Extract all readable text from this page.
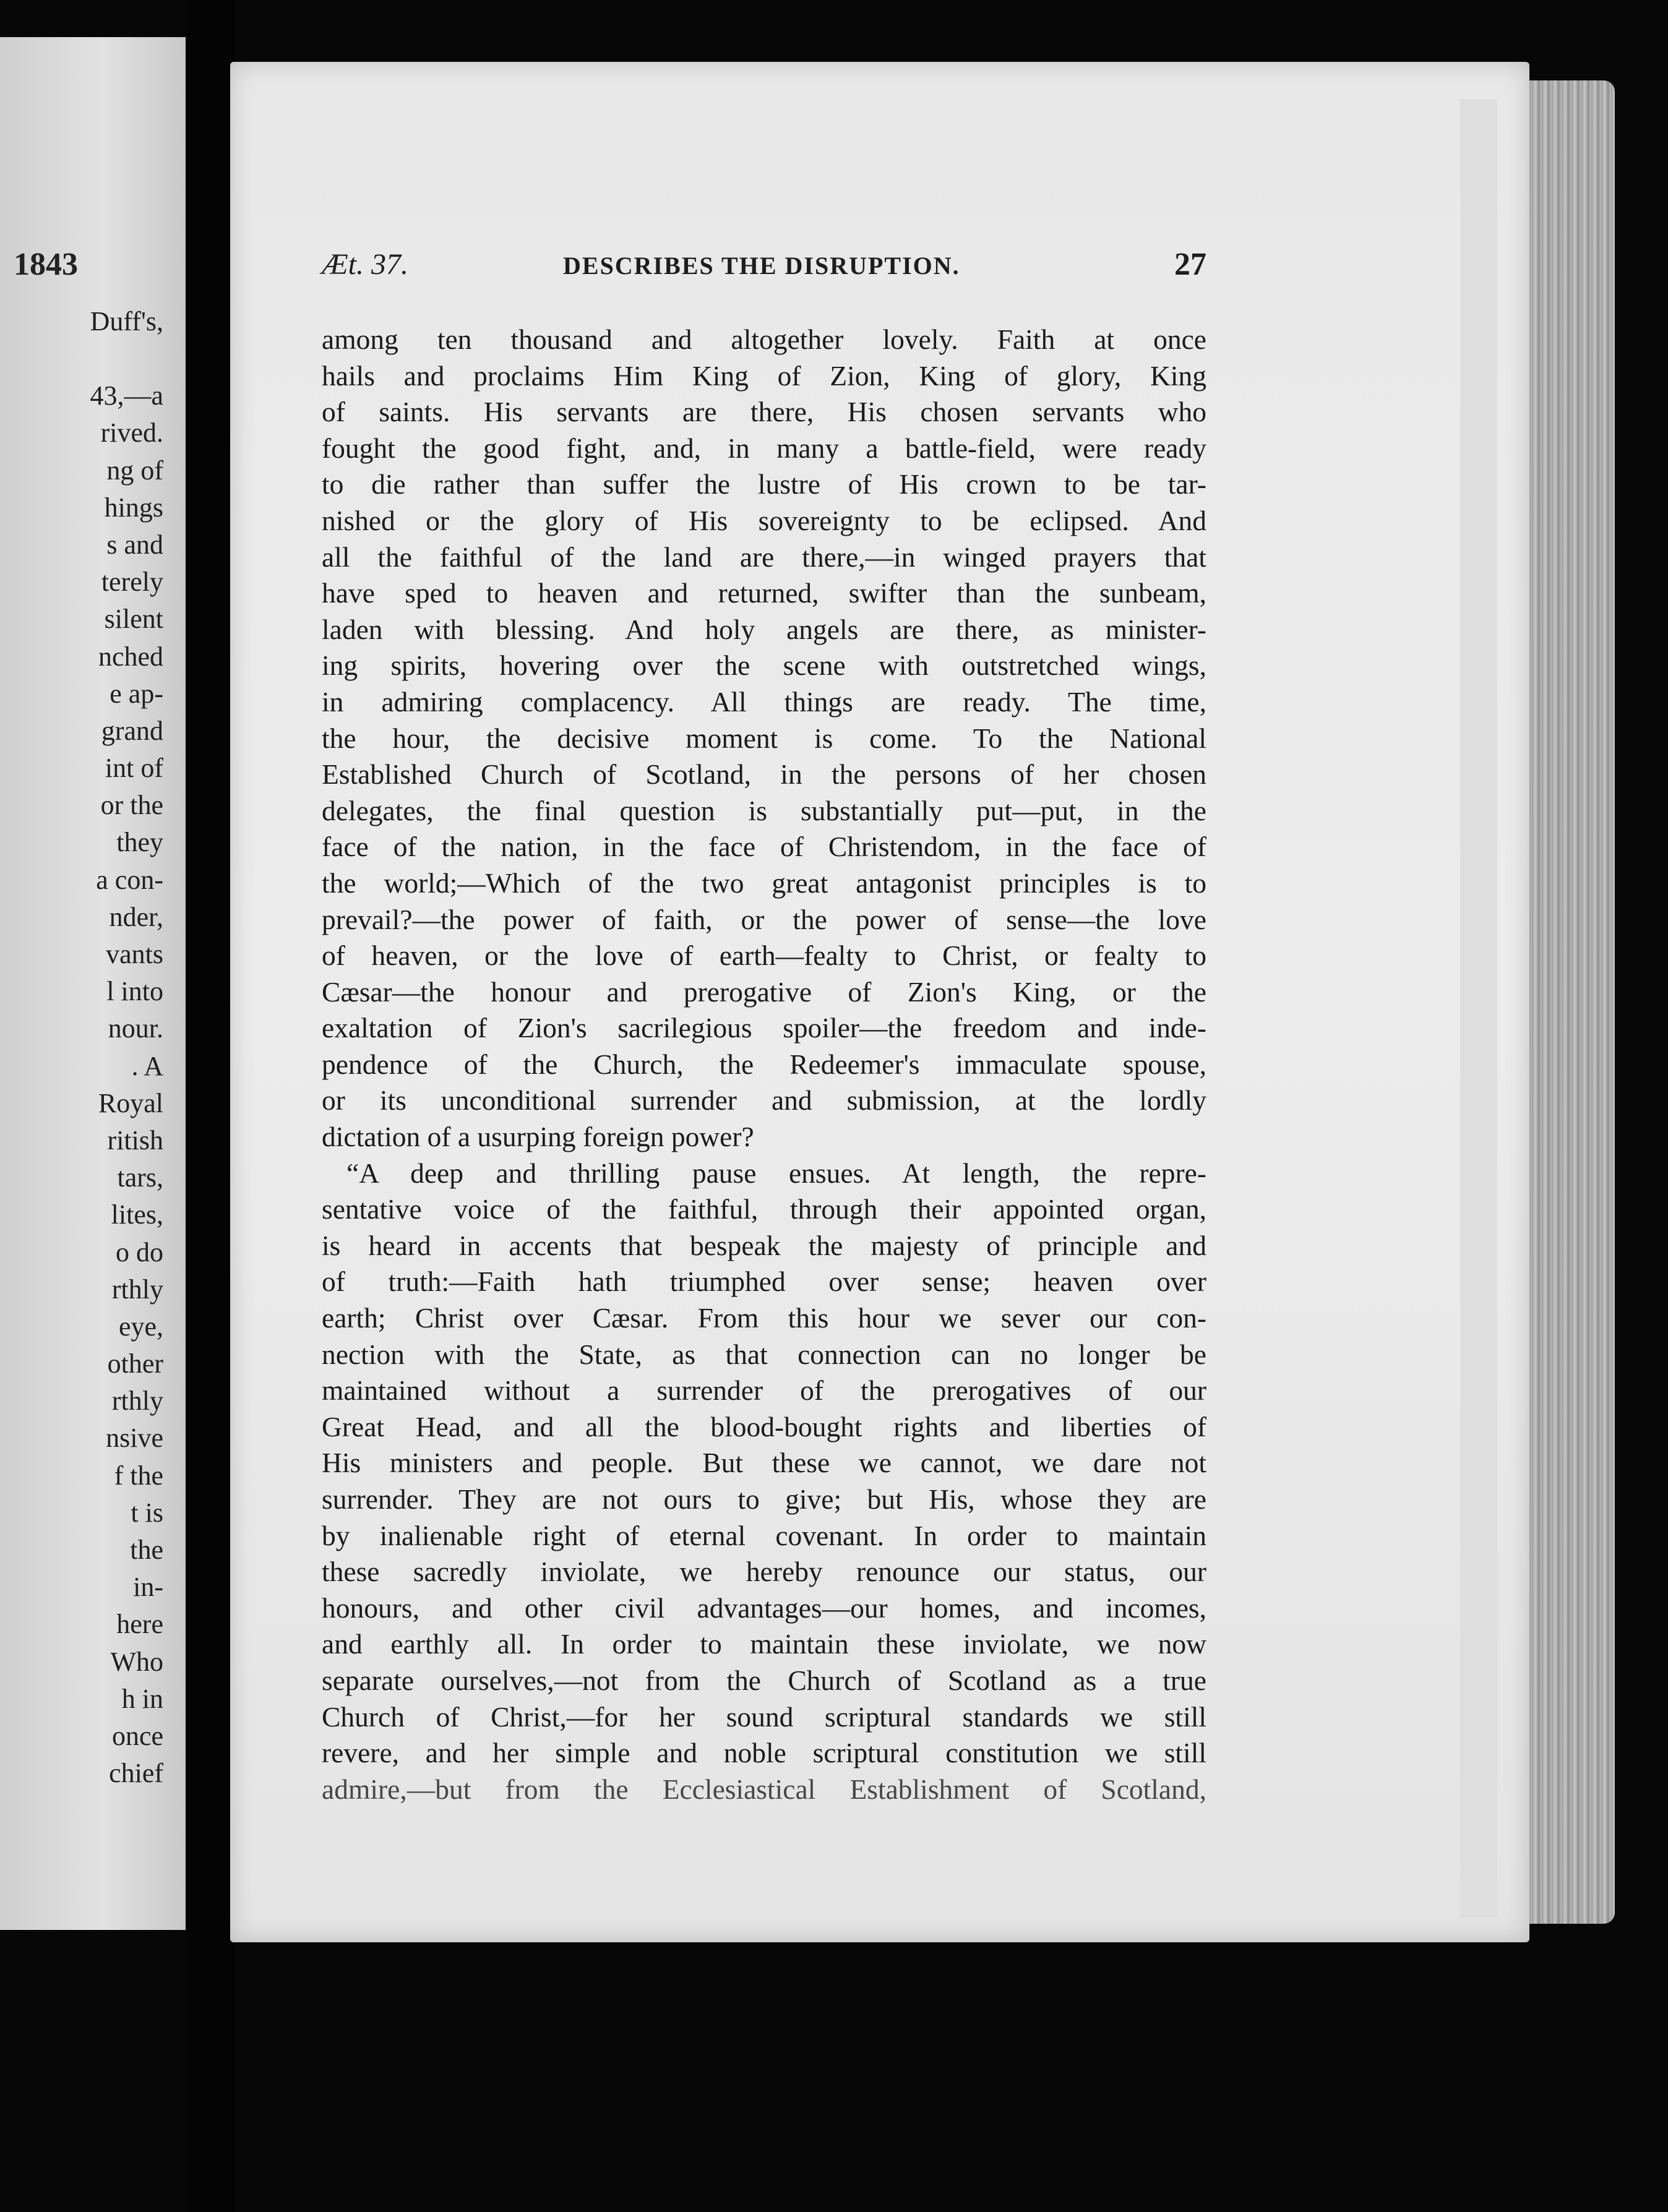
1843
Duff's,
43,—a
rived.
ng of
hings
s and
terely
silent
nched
e ap-
grand
int of
or the
they
a con-
nder,
vants
l into
nour.
. A
Royal
ritish
tars,
lites,
o do
rthly
eye,
other
rthly
nsive
f the
t is
the
in-
here
Who
h in
once
chief
Æt. 37.	DESCRIBES THE DISRUPTION.	27
among ten thousand and altogether lovely. Faith at once
hails and proclaims Him King of Zion, King of glory, King
of saints. His servants are there, His chosen servants who
fought the good fight, and, in many a battle-field, were ready
to die rather than suffer the lustre of His crown to be tar-
nished or the glory of His sovereignty to be eclipsed. And
all the faithful of the land are there,—in winged prayers that
have sped to heaven and returned, swifter than the sunbeam,
laden with blessing. And holy angels are there, as minister-
ing spirits, hovering over the scene with outstretched wings,
in admiring complacency. All things are ready. The time,
the hour, the decisive moment is come. To the National
Established Church of Scotland, in the persons of her chosen
delegates, the final question is substantially put—put, in the
face of the nation, in the face of Christendom, in the face of
the world;—Which of the two great antagonist principles is to
prevail?—the power of faith, or the power of sense—the love
of heaven, or the love of earth—fealty to Christ, or fealty to
Cæsar—the honour and prerogative of Zion's King, or the
exaltation of Zion's sacrilegious spoiler—the freedom and inde-
pendence of the Church, the Redeemer's immaculate spouse,
or its unconditional surrender and submission, at the lordly
dictation of a usurping foreign power?
“A deep and thrilling pause ensues. At length, the repre-
sentative voice of the faithful, through their appointed organ,
is heard in accents that bespeak the majesty of principle and
of truth:—Faith hath triumphed over sense; heaven over
earth; Christ over Cæsar. From this hour we sever our con-
nection with the State, as that connection can no longer be
maintained without a surrender of the prerogatives of our
Great Head, and all the blood-bought rights and liberties of
His ministers and people. But these we cannot, we dare not
surrender. They are not ours to give; but His, whose they are
by inalienable right of eternal covenant. In order to maintain
these sacredly inviolate, we hereby renounce our status, our
honours, and other civil advantages—our homes, and incomes,
and earthly all. In order to maintain these inviolate, we now
separate ourselves,—not from the Church of Scotland as a true
Church of Christ,—for her sound scriptural standards we still
revere, and her simple and noble scriptural constitution we still
admire,—but from the Ecclesiastical Establishment of Scotland,
